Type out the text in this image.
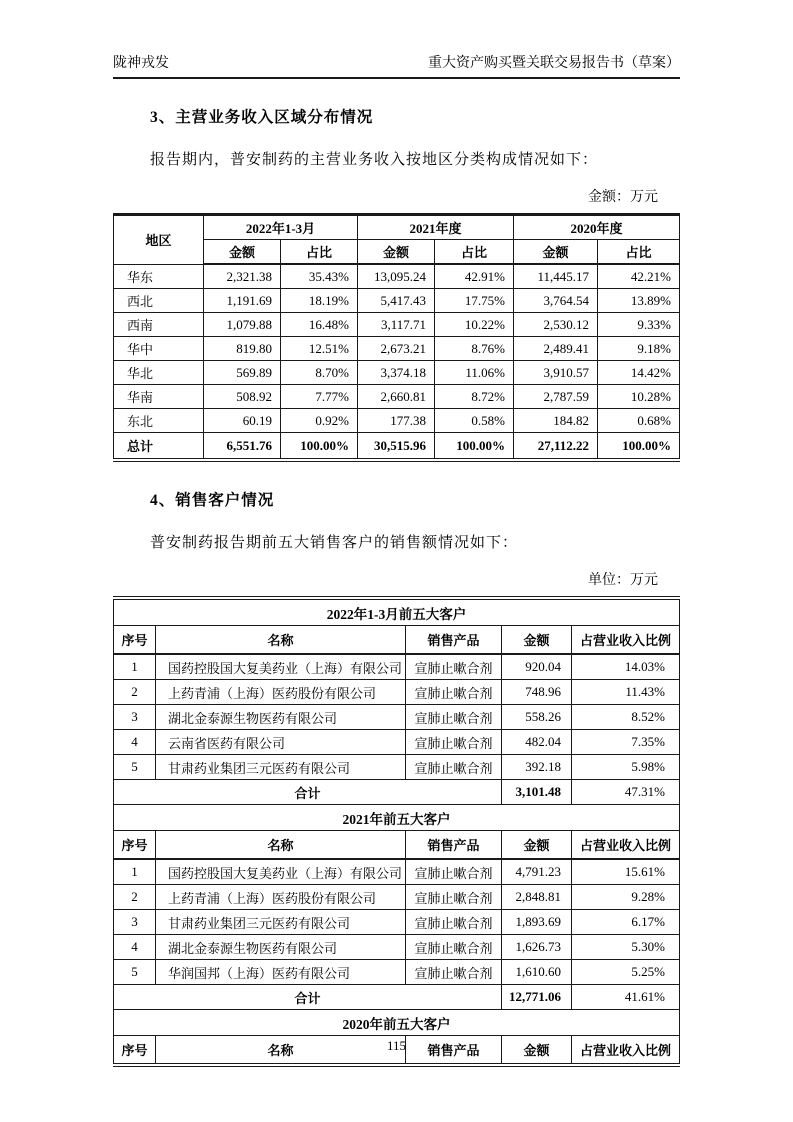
陇神戎发	重大资产购买暨关联交易报告书（草案）
3、主营业务收入区域分布情况
报告期内，普安制药的主营业务收入按地区分类构成情况如下：
金额：万元
地区	2022年1-3月		2021年度		2020年度	
	金额	占比	金额	占比	金额	占比
华东	2,321.38	35.43%	13,095.24	42.91%	11,445.17	42.21%
西北	1,191.69	18.19%	5,417.43	17.75%	3,764.54	13.89%
西南	1,079.88	16.48%	3,117.71	10.22%	2,530.12	9.33%
华中	819.80	12.51%	2,673.21	8.76%	2,489.41	9.18%
华北	569.89	8.70%	3,374.18	11.06%	3,910.57	14.42%
华南	508.92	7.77%	2,660.81	8.72%	2,787.59	10.28%
东北	60.19	0.92%	177.38	0.58%	184.82	0.68%
总计	6,551.76	100.00%	30,515.96	100.00%	27,112.22	100.00%
4、销售客户情况
普安制药报告期前五大销售客户的销售额情况如下：
单位：万元
2022年1-3月前五大客户				
序号	名称	销售产品	金额	占营业收入比例
1	国药控股国大复美药业（上海）有限公司	宣肺止嗽合剂	920.04	14.03%
2	上药青浦（上海）医药股份有限公司	宣肺止嗽合剂	748.96	11.43%
3	湖北金泰源生物医药有限公司	宣肺止嗽合剂	558.26	8.52%
4	云南省医药有限公司	宣肺止嗽合剂	482.04	7.35%
5	甘肃药业集团三元医药有限公司	宣肺止嗽合剂	392.18	5.98%
合计			3,101.48	47.31%
2021年前五大客户				
序号	名称	销售产品	金额	占营业收入比例
1	国药控股国大复美药业（上海）有限公司	宣肺止嗽合剂	4,791.23	15.61%
2	上药青浦（上海）医药股份有限公司	宣肺止嗽合剂	2,848.81	9.28%
3	甘肃药业集团三元医药有限公司	宣肺止嗽合剂	1,893.69	6.17%
4	湖北金泰源生物医药有限公司	宣肺止嗽合剂	1,626.73	5.30%
5	华润国邦（上海）医药有限公司	宣肺止嗽合剂	1,610.60	5.25%
合计			12,771.06	41.61%
2020年前五大客户				
序号	名称	销售产品	金额	占营业收入比例
115
